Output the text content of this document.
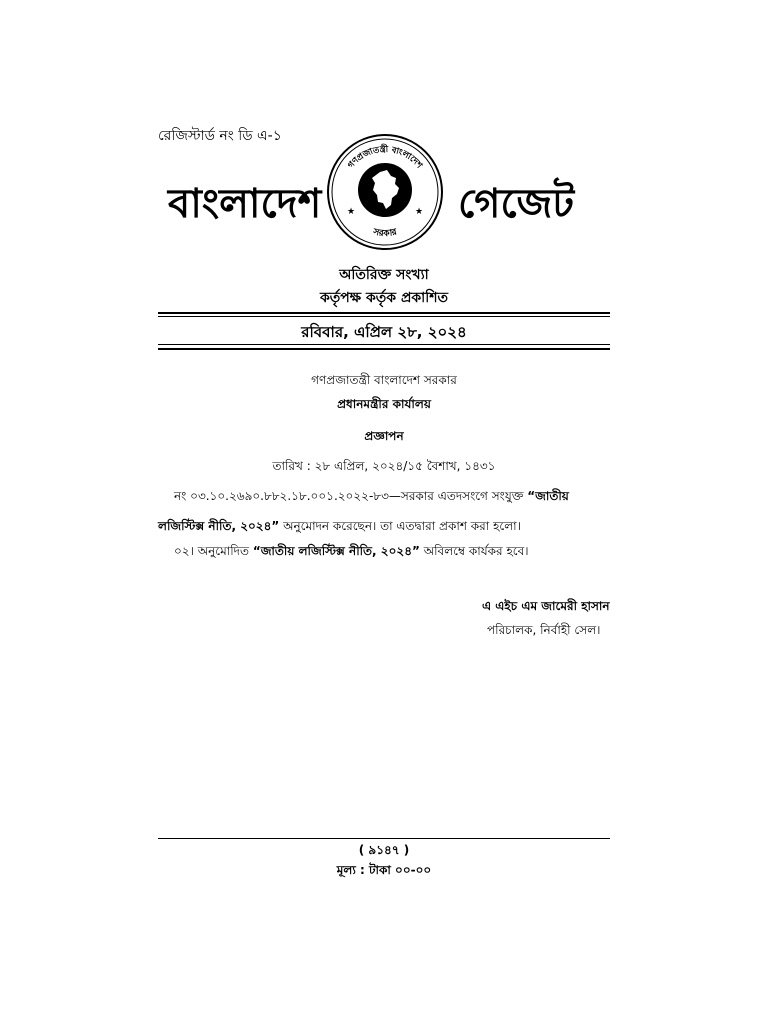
রেজিস্টার্ড নং ডি এ-১
বাংলাদেশ
গণপ্রজাতন্ত্রী বাংলাদেশ
সরকার
★	★ গেজেট
অতিরিক্ত সংখ্যা
কর্তৃপক্ষ কর্তৃক প্রকাশিত
রবিবার, এপ্রিল ২৮, ২০২৪
গণপ্রজাতন্ত্রী বাংলাদেশ সরকার
প্রধানমন্ত্রীর কার্যালয়
প্রজ্ঞাপন
তারিখ : ২৮ এপ্রিল, ২০২৪/১৫ বৈশাখ, ১৪৩১
নং ০৩.১০.২৬৯০.৮৮২.১৮.০০১.২০২২-৮৩—সরকার এতদসংগে সংযুক্ত “জাতীয় লজিস্টিক্স নীতি, ২০২৪” অনুমোদন করেছেন। তা এতদ্বারা প্রকাশ করা হলো।
০২। অনুমোদিত “জাতীয় লজিস্টিক্স নীতি, ২০২৪” অবিলম্বে কার্যকর হবে।
এ এইচ এম জামেরী হাসান
পরিচালক, নির্বাহী সেল।
( ৯১৪৭ )
মূল্য : টাকা ০০-০০
